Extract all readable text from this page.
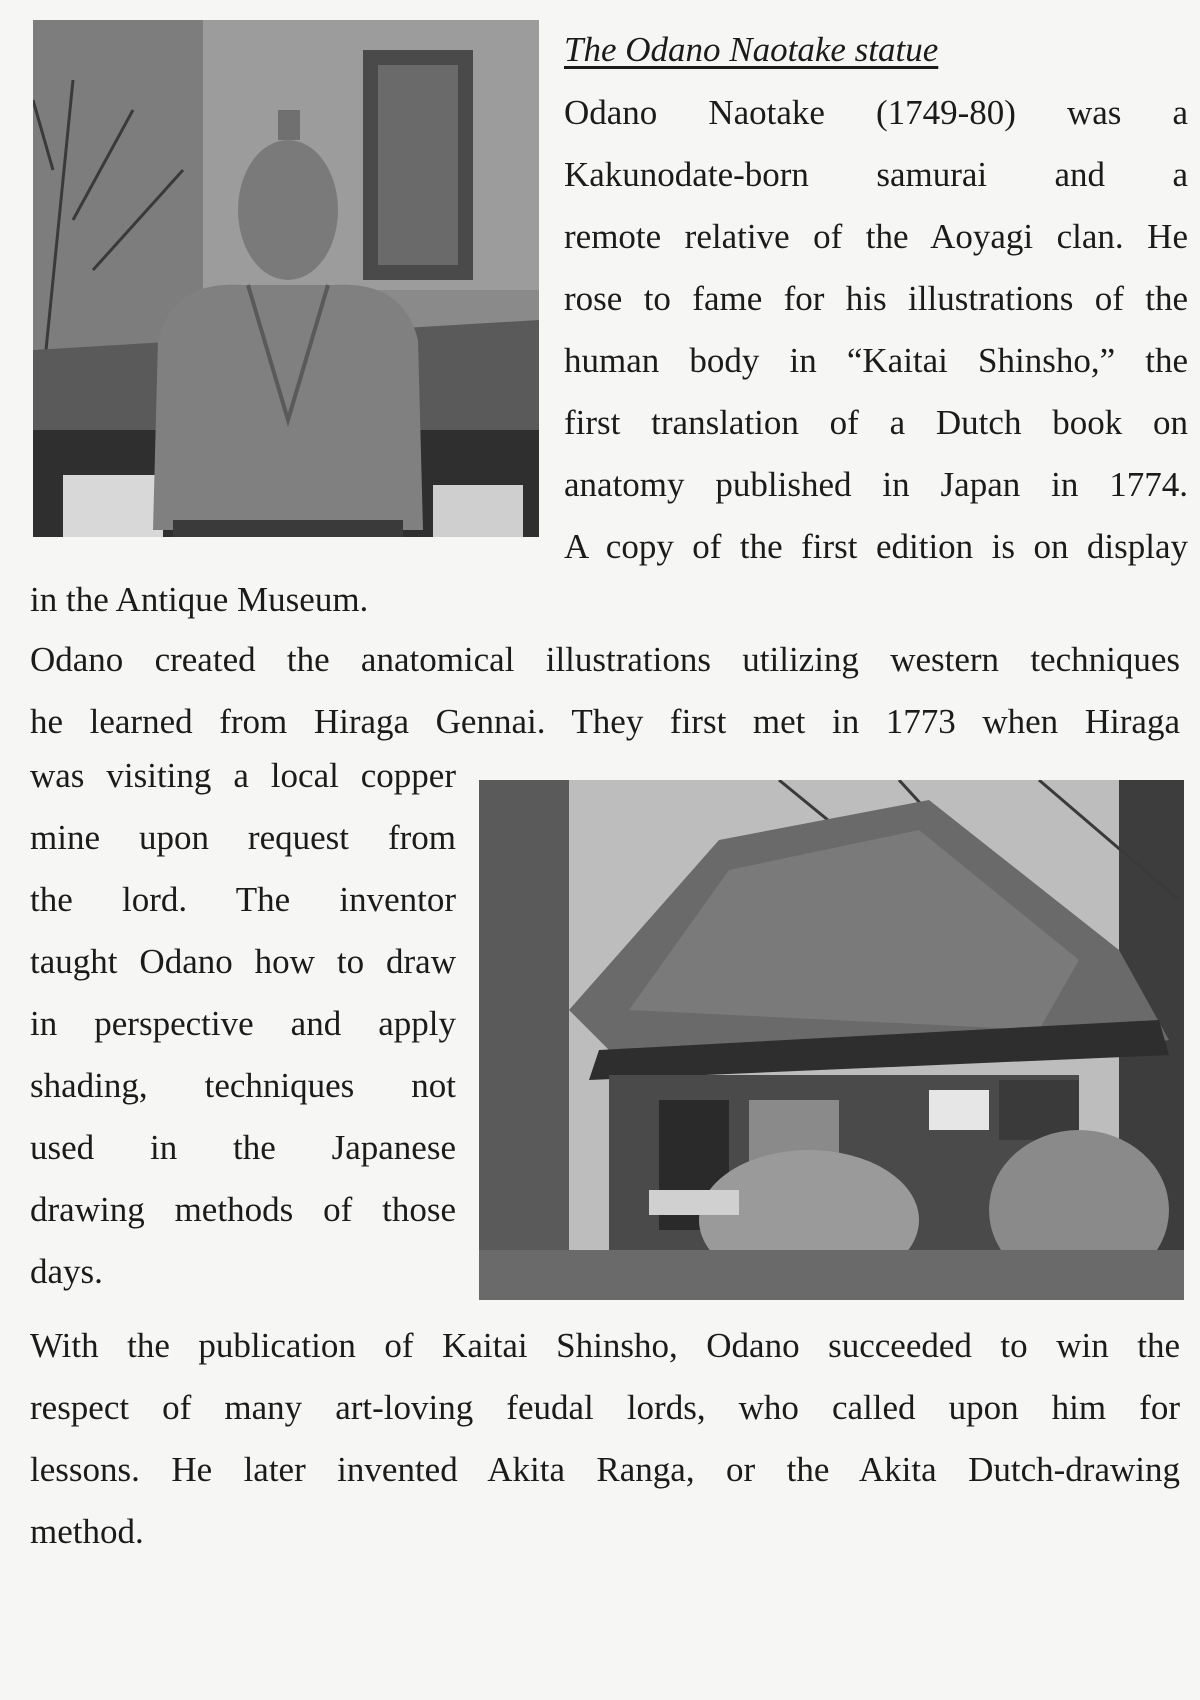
The Odano Naotake statue
Odano Naotake (1749-80) was a
Kakunodate-born samurai and a
remote relative of the Aoyagi clan. He
rose to fame for his illustrations of the
human body in “Kaitai Shinsho,” the
first translation of a Dutch book on
anatomy published in Japan in 1774.
A copy of the first edition is on display
in the Antique Museum.
Odano created the anatomical illustrations utilizing western techniques
he learned from Hiraga Gennai. They first met in 1773 when Hiraga
was visiting a local copper
mine upon request from
the lord. The inventor
taught Odano how to draw
in perspective and apply
shading, techniques not
used in the Japanese
drawing methods of those
days.
With the publication of Kaitai Shinsho, Odano succeeded to win the
respect of many art-loving feudal lords, who called upon him for
lessons. He later invented Akita Ranga, or the Akita Dutch-drawing
method.
